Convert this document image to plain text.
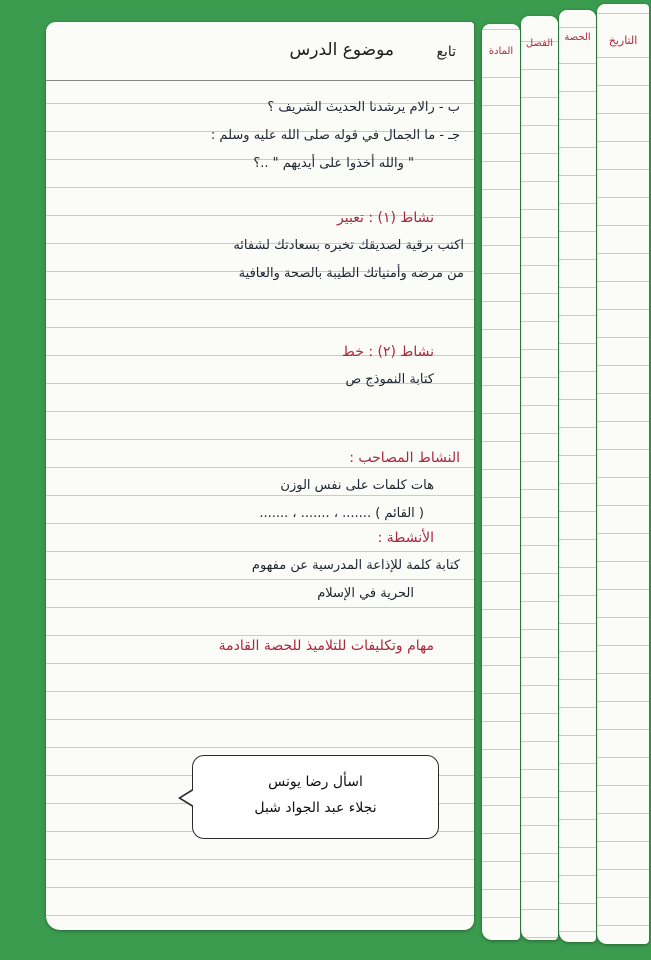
التاريخ
الحصة
الفصل
المادة
موضوع الدرس	تابع
ب - رالام يرشدنا الحديث الشريف ؟
جـ - ما الجمال في قوله صلى الله عليه وسلم :
" والله أخذوا على أيديهم " ..؟
نشاط (١) : تعبير
اكتب برقية لصديقك تخبره بسعادتك لشفائه
من مرضه وأمنياتك الطيبة بالصحة والعافية
نشاط (٢) : خط
كتابة النموذج ص
النشاط المصاحب :
هات كلمات على نفس الوزن
( القائم ) ....... ، ....... ، .......
الأنشطة :
كتابة كلمة للإذاعة المدرسية عن مفهوم
الحرية في الإسلام
مهام وتكليفات للتلاميذ للحصة القادمة
اسأل رضا يونس
نجلاء عبد الجواد شبل
